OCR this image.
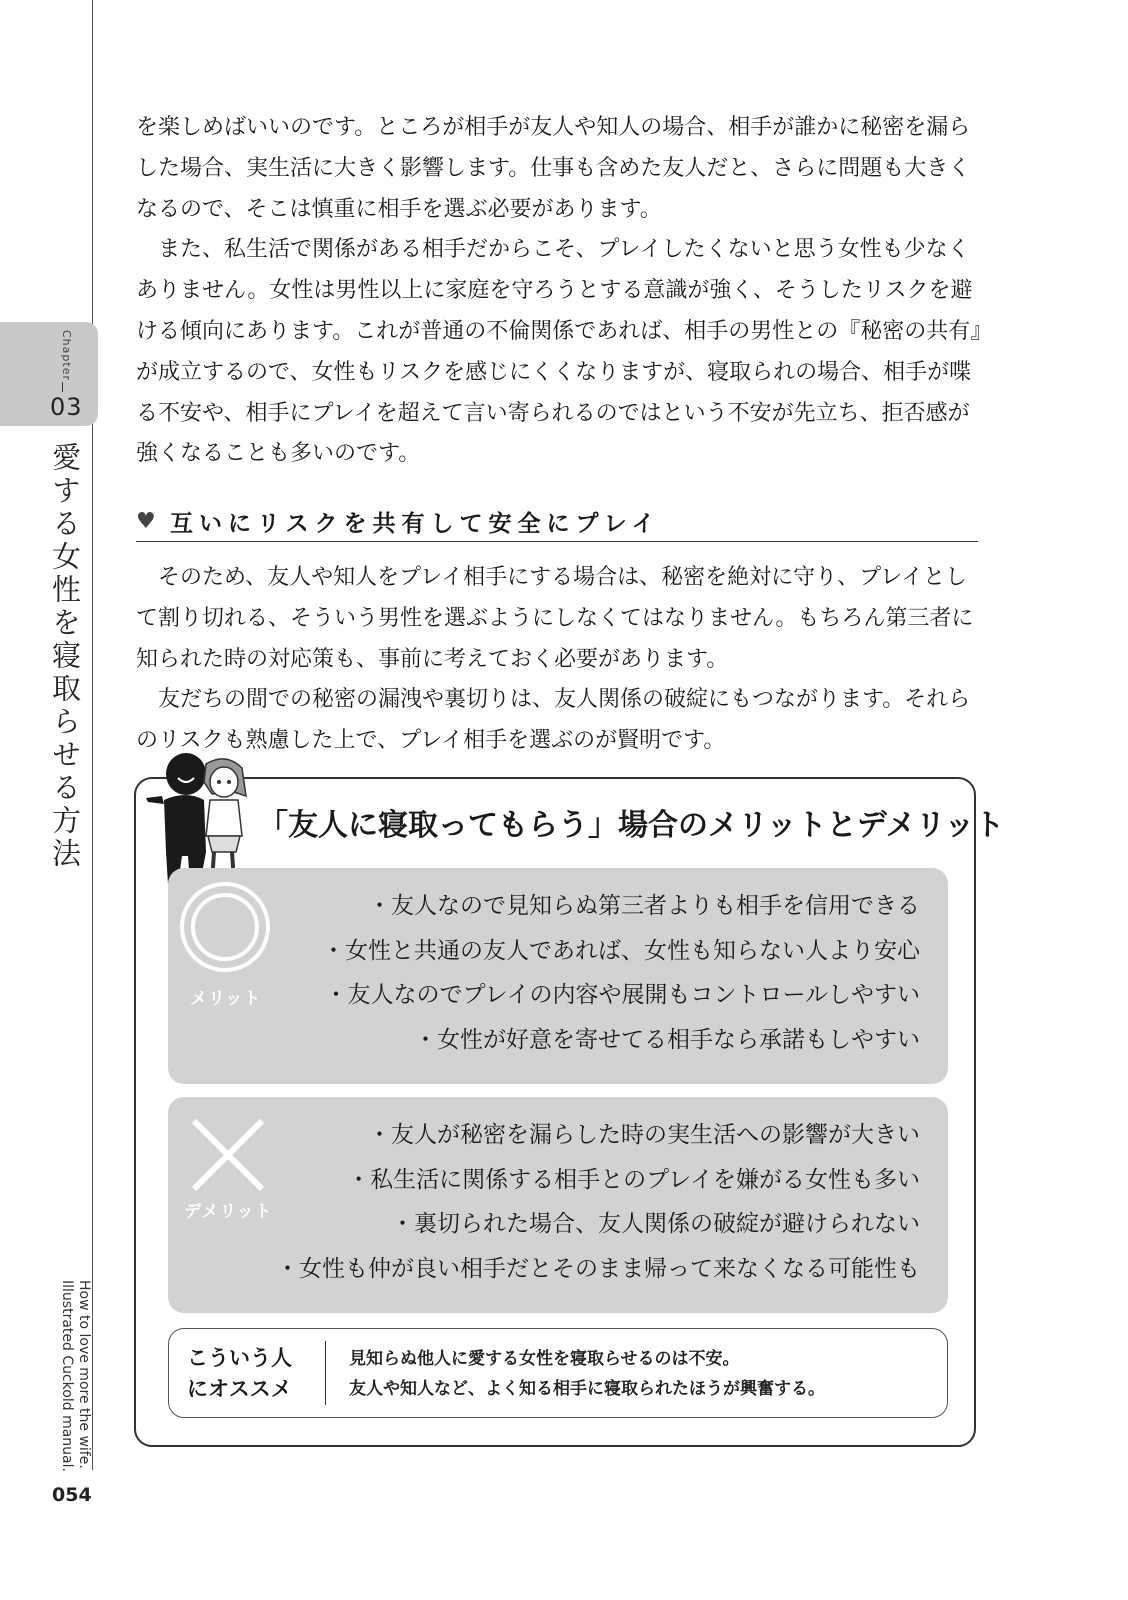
Chapter
03
愛する女性を寝取らせる方法
How to love more the wife.
Illustrated Cuckold manual.
054

を楽しめばいいのです。ところが相手が友人や知人の場合、相手が誰かに秘密を漏らした場合、実生活に大きく影響します。仕事も含めた友人だと、さらに問題も大きくなるので、そこは慎重に相手を選ぶ必要があります。

また、私生活で関係がある相手だからこそ、プレイしたくないと思う女性も少なくありません。女性は男性以上に家庭を守ろうとする意識が強く、そうしたリスクを避ける傾向にあります。これが普通の不倫関係であれば、相手の男性との『秘密の共有』が成立するので、女性もリスクを感じにくくなりますが、寝取られの場合、相手が喋る不安や、相手にプレイを超えて言い寄られるのではという不安が先立ち、拒否感が強くなることも多いのです。

♥ 互いにリスクを共有して安全にプレイ

そのため、友人や知人をプレイ相手にする場合は、秘密を絶対に守り、プレイとして割り切れる、そういう男性を選ぶようにしなくてはなりません。もちろん第三者に知られた時の対応策も、事前に考えておく必要があります。

友だちの間での秘密の漏洩や裏切りは、友人関係の破綻にもつながります。それらのリスクも熟慮した上で、プレイ相手を選ぶのが賢明です。

「友人に寝取ってもらう」場合のメリットとデメリット
メリット
・友人なので見知らぬ第三者よりも相手を信用できる
・女性と共通の友人であれば、女性も知らない人より安心
・友人なのでプレイの内容や展開もコントロールしやすい
・女性が好意を寄せてる相手なら承諾もしやすい
デメリット
・友人が秘密を漏らした時の実生活への影響が大きい
・私生活に関係する相手とのプレイを嫌がる女性も多い
・裏切られた場合、友人関係の破綻が避けられない
・女性も仲が良い相手だとそのまま帰って来なくなる可能性も
こういう人
にオススメ
見知らぬ他人に愛する女性を寝取らせるのは不安。
友人や知人など、よく知る相手に寝取られたほうが興奮する。
